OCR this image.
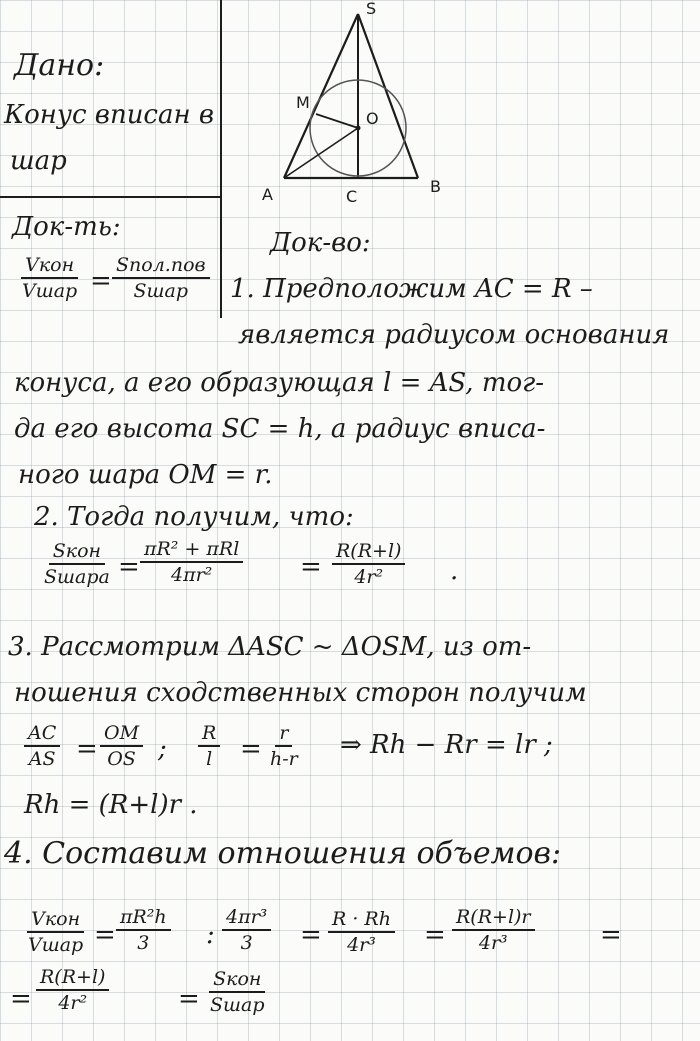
Дано:
Конус вписан в
шар
Док-ть:
Vкон
Vшар =
Sпол.пов
Sшар
S
M
O
A	C
B
Док-во:
1. Предположим AC = R –
является радиусом основания
конуса, а его образующая l = AS, тог-
да его высота SC = h, а радиус вписа-
ного шара OM = r.
2. Тогда получим, что:
Sкон
Sшара =
πR² + πRl
4πr²	= $\frac{R(R+l)}{\text{4r²}}$ .
3. Рассмотрим ΔASC ~ ΔOSM, из от-
ношения сходственных сторон получим
$\frac{AC}{AS} = \frac{OM}{OS}$ ; $\frac{R}{l} = \frac{r}{h-r}$ ⇒ Rh − Rr = lr ;
Rh = (R+l)r .
4. Составим отношения объемов:
Vкон
Vшар = $\frac{\text{πR²h}}{3}$ : $\frac{\text{4πr³}}{3} = \frac{R \cdot Rh}{\text{4r³}} = \frac{R(R+l)r}{\text{4r³}}$	=
= $\frac{R(R+l)}{\text{4r²}}$	=
Sкон
Sшар
